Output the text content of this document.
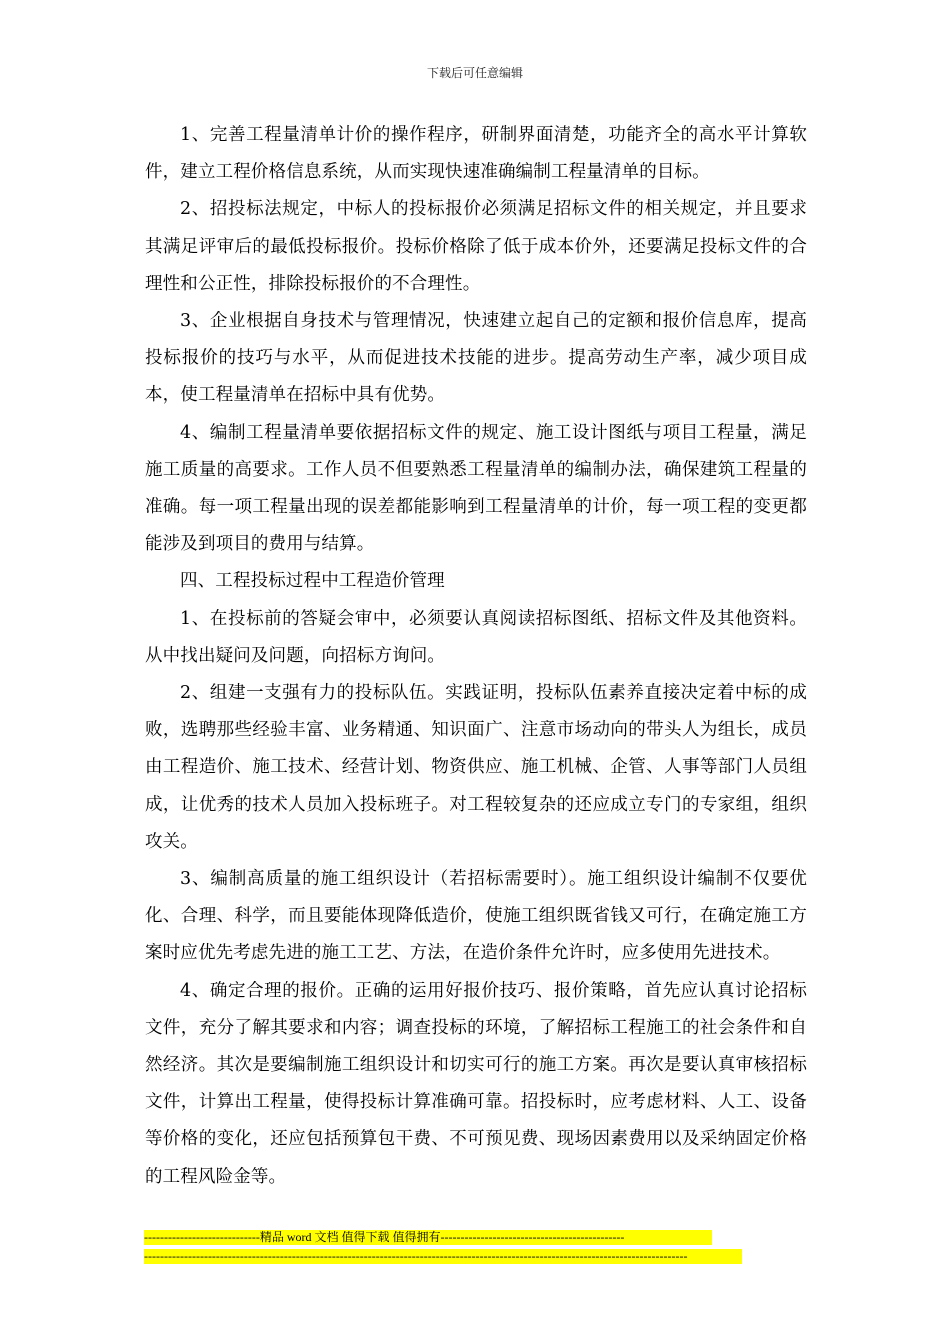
下载后可任意编辑

1、完善工程量清单计价的操作程序，研制界面清楚，功能齐全的高水平计算软件，建立工程价格信息系统，从而实现快速准确编制工程量清单的目标。

2、招投标法规定，中标人的投标报价必须满足招标文件的相关规定，并且要求其满足评审后的最低投标报价。投标价格除了低于成本价外，还要满足投标文件的合理性和公正性，排除投标报价的不合理性。

3、企业根据自身技术与管理情况，快速建立起自己的定额和报价信息库，提高投标报价的技巧与水平，从而促进技术技能的进步。提高劳动生产率，减少项目成本，使工程量清单在招标中具有优势。

4、编制工程量清单要依据招标文件的规定、施工设计图纸与项目工程量，满足施工质量的高要求。工作人员不但要熟悉工程量清单的编制办法，确保建筑工程量的准确。每一项工程量出现的误差都能影响到工程量清单的计价，每一项工程的变更都能涉及到项目的费用与结算。

四、工程投标过程中工程造价管理

1、在投标前的答疑会审中，必须要认真阅读招标图纸、招标文件及其他资料。从中找出疑问及问题，向招标方询问。

2、组建一支强有力的投标队伍。实践证明，投标队伍素养直接决定着中标的成败，选聘那些经验丰富、业务精通、知识面广、注意市场动向的带头人为组长，成员由工程造价、施工技术、经营计划、物资供应、施工机械、企管、人事等部门人员组成，让优秀的技术人员加入投标班子。对工程较复杂的还应成立专门的专家组，组织攻关。

3、编制高质量的施工组织设计（若招标需要时）。施工组织设计编制不仅要优化、合理、科学，而且要能体现降低造价，使施工组织既省钱又可行，在确定施工方案时应优先考虑先进的施工工艺、方法，在造价条件允许时，应多使用先进技术。

4、确定合理的报价。正确的运用好报价技巧、报价策略，首先应认真讨论招标文件，充分了解其要求和内容；调查投标的环境，了解招标工程施工的社会条件和自然经济。其次是要编制施工组织设计和切实可行的施工方案。再次是要认真审核招标文件，计算出工程量，使得投标计算准确可靠。招投标时，应考虑材料、人工、设备等价格的变化，还应包括预算包干费、不可预见费、现场因素费用以及采纳固定价格的工程风险金等。

-----------------------------精品 word 文档 值得下载 值得拥有----------------------------------------------
----------------------------------------------------------------------------------------------------------------------------------------
